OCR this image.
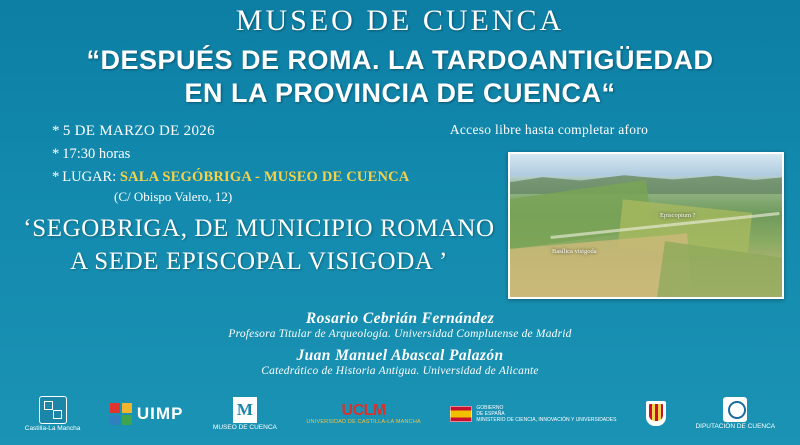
MUSEO DE CUENCA
“DESPUÉS DE ROMA. LA TARDOANTIGÜEDAD
EN LA PROVINCIA DE CUENCA“
* 5 DE MARZO DE 2026
* 17:30 horas
* LUGAR: SALA SEGÓBRIGA - MUSEO DE CUENCA
(C/ Obispo Valero, 12)
Acceso libre hasta completar aforo
‘SEGOBRIGA, DE MUNICIPIO ROMANO
A SEDE EPISCOPAL VISIGODA ’
Episcopium ?
Basílica visigoda
Rosario Cebrián Fernández
Profesora Titular de Arqueología. Universidad Complutense de Madrid
Juan Manuel Abascal Palazón
Catedrático de Historia Antigua. Universidad de Alicante
Castilla-La Mancha
UIMP	M
MUSEO DE CUENCA
UCLM
UNIVERSIDAD DE CASTILLA-LA MANCHA
GOBIERNO
DE ESPAÑA
MINISTERIO DE CIENCIA, INNOVACIÓN Y UNIVERSIDADES
DIPUTACIÓN DE CUENCA
